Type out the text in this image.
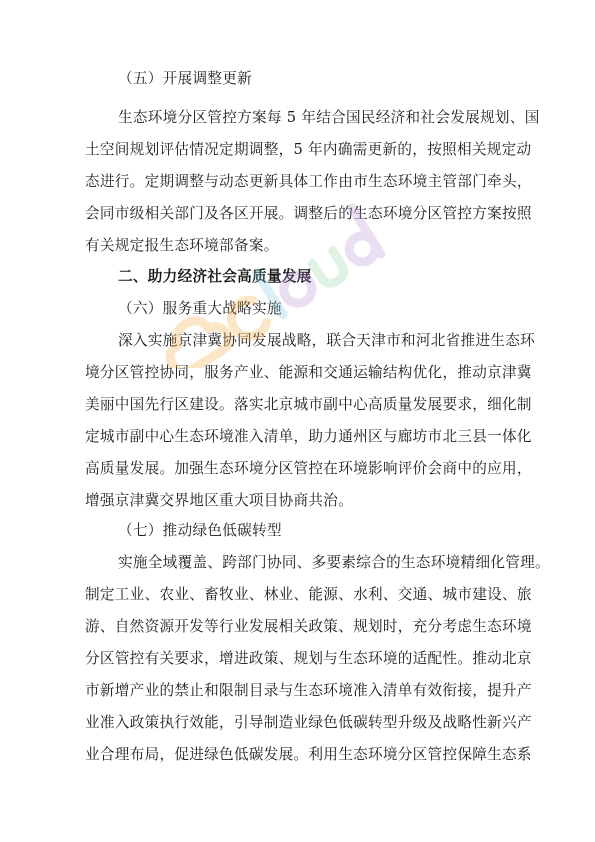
（五）开展调整更新
生态环境分区管控方案每 5 年结合国民经济和社会发展规划、国
土空间规划评估情况定期调整，5 年内确需更新的，按照相关规定动
态进行。定期调整与动态更新具体工作由市生态环境主管部门牵头，
会同市级相关部门及各区开展。调整后的生态环境分区管控方案按照
有关规定报生态环境部备案。
二、助力经济社会高质量发展
（六）服务重大战略实施
深入实施京津冀协同发展战略，联合天津市和河北省推进生态环
境分区管控协同，服务产业、能源和交通运输结构优化，推动京津冀
美丽中国先行区建设。落实北京城市副中心高质量发展要求，细化制
定城市副中心生态环境准入清单，助力通州区与廊坊市北三县一体化
高质量发展。加强生态环境分区管控在环境影响评价会商中的应用，
增强京津冀交界地区重大项目协商共治。
（七）推动绿色低碳转型
实施全域覆盖、跨部门协同、多要素综合的生态环境精细化管理。
制定工业、农业、畜牧业、林业、能源、水利、交通、城市建设、旅
游、自然资源开发等行业发展相关政策、规划时，充分考虑生态环境
分区管控有关要求，增进政策、规划与生态环境的适配性。推动北京
市新增产业的禁止和限制目录与生态环境准入清单有效衔接，提升产
业准入政策执行效能，引导制造业绿色低碳转型升级及战略性新兴产
业合理布局，促进绿色低碳发展。利用生态环境分区管控保障生态系
